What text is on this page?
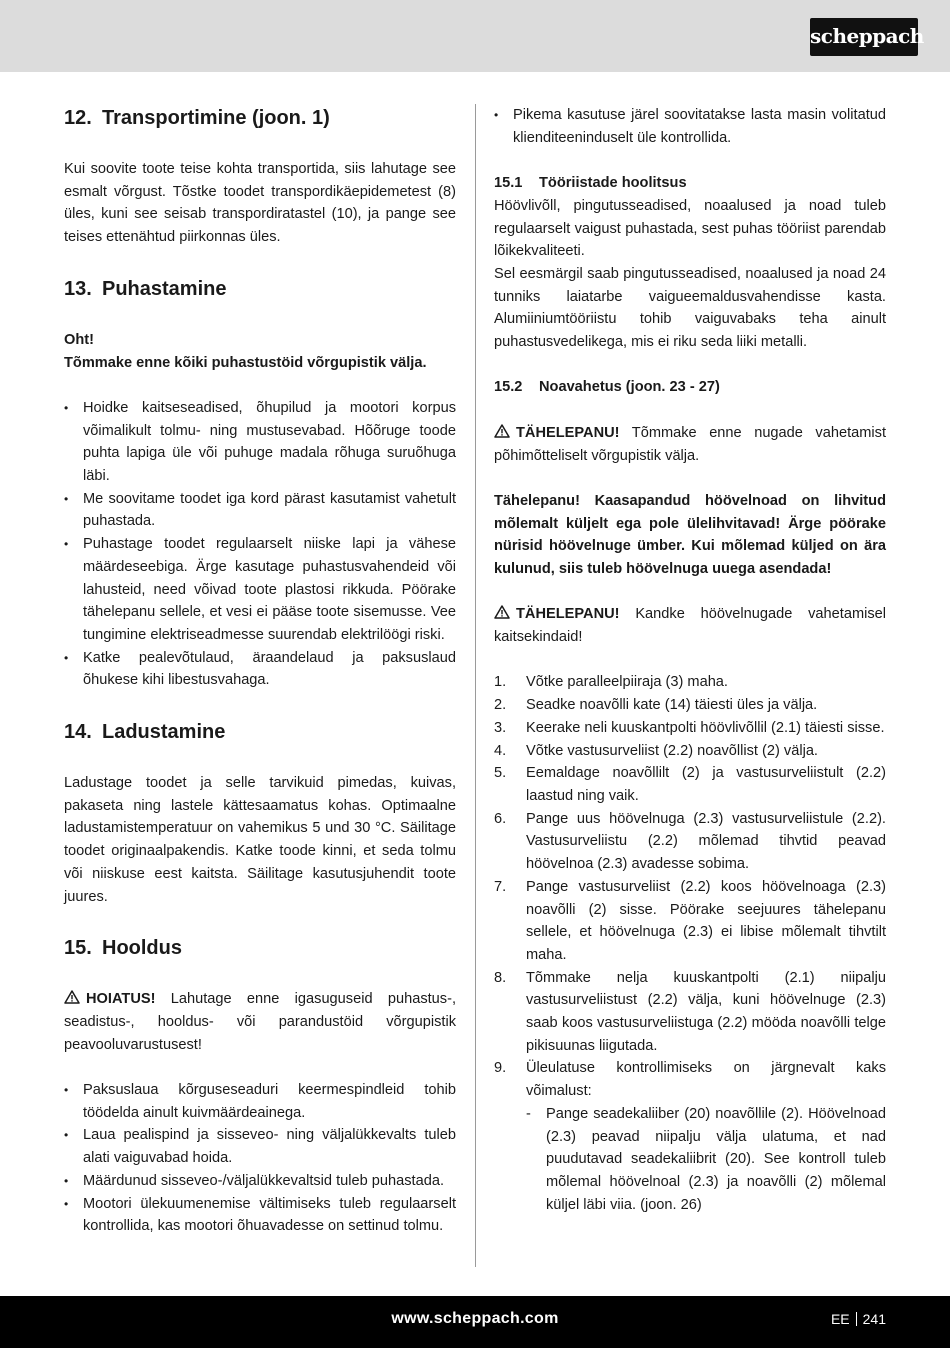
scheppach
12. Transportimine (joon. 1)

Kui soovite toote teise kohta transportida, siis lahutage see esmalt võrgust. Tõstke toodet transpordikäepidemetest (8) üles, kuni see seisab transpordiratastel (10), ja pange see teises ettenähtud piirkonnas üles.

13. Puhastamine
Oht!
Tõmmake enne kõiki puhastustöid võrgupistik välja.
• Hoidke kaitseseadised, õhupilud ja mootori korpus võimalikult tolmu- ning mustusevabad. Hõõruge toode puhta lapiga üle või puhuge madala rõhuga suruõhuga läbi.
• Me soovitame toodet iga kord pärast kasutamist vahetult puhastada.
• Puhastage toodet regulaarselt niiske lapi ja vähese määrdeseebiga. Ärge kasutage puhastusvahendeid või lahusteid, need võivad toote plastosi rikkuda. Pöörake tähelepanu sellele, et vesi ei pääse toote sisemusse. Vee tungimine elektriseadmesse suurendab elektrilöögi riski.
• Katke pealevõtulaud, äraandelaud ja paksuslaud õhukese kihi libestusvahaga.
14. Ladustamine

Ladustage toodet ja selle tarvikuid pimedas, kuivas, pakaseta ning lastele kättesaamatus kohas. Optimaalne ladustamistemperatuur on vahemikus 5 und 30 °C. Säilitage toodet originaalpakendis. Katke toode kinni, et seda tolmu või niiskuse eest kaitsta. Säilitage kasutusjuhendit toote juures.

15. Hooldus

HOIATUS! Lahutage enne igasuguseid puhastus-, seadistus-, hooldus- või parandustöid võrgupistik peavooluvarustusest!

• Paksuslaua kõrguseseaduri keermespindleid tohib töödelda ainult kuivmäärdeainega.
• Laua pealispind ja sisseveo- ning väljalükkevalts tuleb alati vaiguvabad hoida.
• Määrdunud sisseveo-/väljalükkevaltsid tuleb puhastada.
• Mootori ülekuumenemise vältimiseks tuleb regulaarselt kontrollida, kas mootori õhuavadesse on settinud tolmu.
• Pikema kasutuse järel soovitatakse lasta masin volitatud klienditeeninduselt üle kontrollida.
15.1 Tööriistade hoolitsus

Höövlivõll, pingutusseadised, noaalused ja noad tuleb regulaarselt vaigust puhastada, sest puhas tööriist parendab lõikekvaliteeti.

Sel eesmärgil saab pingutusseadised, noaalused ja noad 24 tunniks laiatarbe vaigueemaldusvahendisse kasta. Alumiiniumtööriistu tohib vaiguvabaks teha ainult puhastusvedelikega, mis ei riku seda liiki metalli.

15.2 Noavahetus (joon. 23 - 27)

TÄHELEPANU! Tõmmake enne nugade vahetamist põhimõtteliselt võrgupistik välja.

Tähelepanu! Kaasapandud höövelnoad on lihvitud mõlemalt küljelt ega pole ülelihvitavad! Ärge pöörake nürisid höövelnuge ümber. Kui mõlemad küljed on ära kulunud, siis tuleb höövelnuga uuega asendada!

TÄHELEPANU! Kandke höövelnugade vahetamisel kaitsekindaid!

1. Võtke paralleelpiiraja (3) maha.
2. Seadke noavõlli kate (14) täiesti üles ja välja.
3. Keerake neli kuuskantpolti höövlivõllil (2.1) täiesti sisse.
4. Võtke vastusurveliist (2.2) noavõllist (2) välja.
5. Eemaldage noavõllilt (2) ja vastusurveliistult (2.2) laastud ning vaik.
6. Pange uus höövelnuga (2.3) vastusurveliistule (2.2). Vastusurveliistu (2.2) mõlemad tihvtid peavad höövelnoa (2.3) avadesse sobima.
7. Pange vastusurveliist (2.2) koos höövelnoaga (2.3) noavõlli (2) sisse. Pöörake seejuures tähelepanu sellele, et höövelnuga (2.3) ei libise mõlemalt tihvtilt maha.
8. Tõmmake nelja kuuskantpolti (2.1) niipalju vastusurveliistust (2.2) välja, kuni höövelnuge (2.3) saab koos vastusurveliistuga (2.2) mööda noavõlli telge pikisuunas liigutada.
9. Üleulatuse kontrollimiseks on järgnevalt kaks võimalust:
- Pange seadekaliiber (20) noavõllile (2). Höövelnoad (2.3) peavad niipalju välja ulatuma, et nad puudutavad seadekaliibrit (20). See kontroll tuleb mõlemal höövelnoal (2.3) ja noavõlli (2) mõlemal küljel läbi viia. (joon. 26)
www.scheppach.com	EE 241
